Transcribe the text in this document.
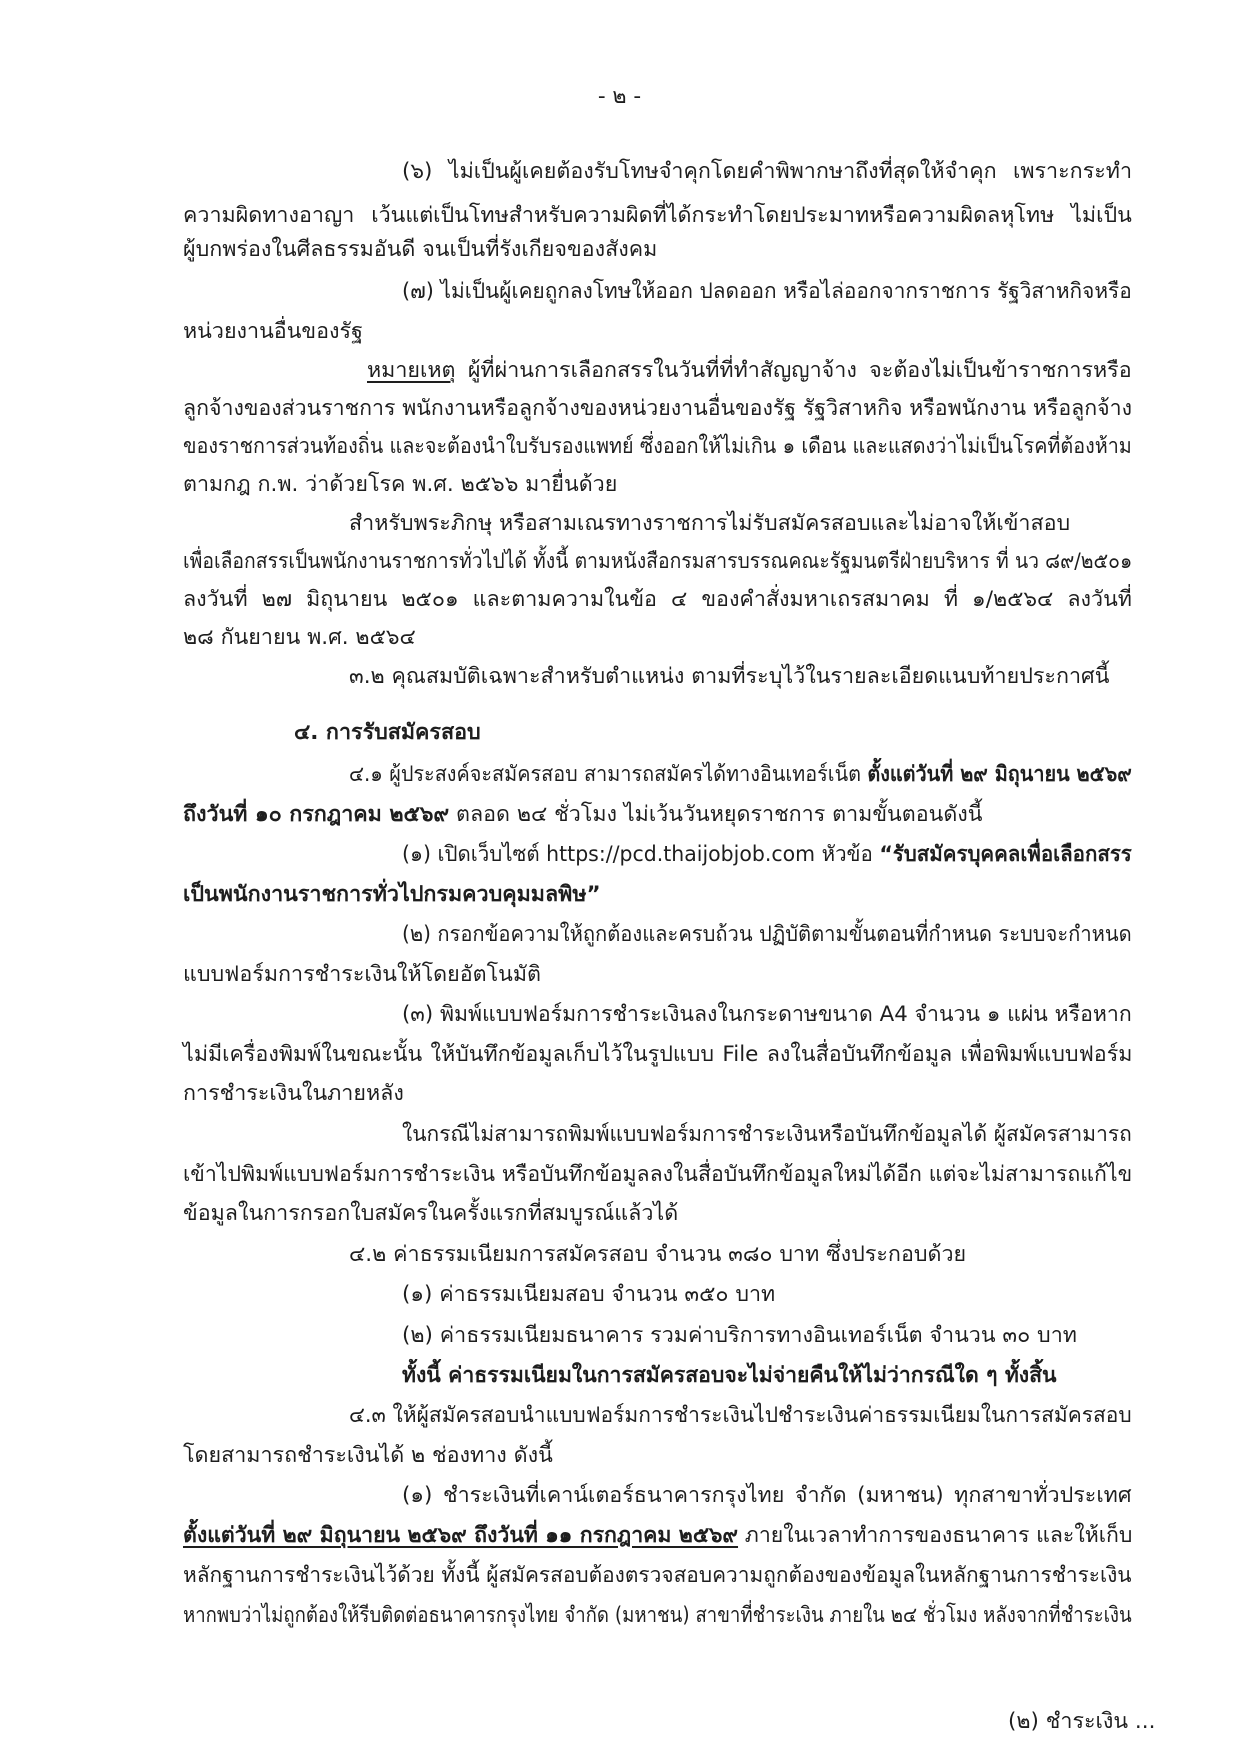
- ๒ -
(๖) ไม่เป็นผู้เคยต้องรับโทษจำคุกโดยคำพิพากษาถึงที่สุดให้จำคุก เพราะกระทำ
ความผิดทางอาญา เว้นแต่เป็นโทษสำหรับความผิดที่ได้กระทำโดยประมาทหรือความผิดลหุโทษ ไม่เป็น
ผู้บกพร่องในศีลธรรมอันดี จนเป็นที่รังเกียจของสังคม
(๗) ไม่เป็นผู้เคยถูกลงโทษให้ออก ปลดออก หรือไล่ออกจากราชการ รัฐวิสาหกิจหรือ
หน่วยงานอื่นของรัฐ
หมายเหตุ ผู้ที่ผ่านการเลือกสรรในวันที่ที่ทำสัญญาจ้าง จะต้องไม่เป็นข้าราชการหรือ
ลูกจ้างของส่วนราชการ พนักงานหรือลูกจ้างของหน่วยงานอื่นของรัฐ รัฐวิสาหกิจ หรือพนักงาน หรือลูกจ้าง
ของราชการส่วนท้องถิ่น และจะต้องนำใบรับรองแพทย์ ซึ่งออกให้ไม่เกิน ๑ เดือน และแสดงว่าไม่เป็นโรคที่ต้องห้าม
ตามกฎ ก.พ. ว่าด้วยโรค พ.ศ. ๒๕๖๖ มายื่นด้วย
สำหรับพระภิกษุ หรือสามเณรทางราชการไม่รับสมัครสอบและไม่อาจให้เข้าสอบ
เพื่อเลือกสรรเป็นพนักงานราชการทั่วไปได้ ทั้งนี้ ตามหนังสือกรมสารบรรณคณะรัฐมนตรีฝ่ายบริหาร ที่ นว ๘๙/๒๕๐๑
ลงวันที่ ๒๗ มิถุนายน ๒๕๐๑ และตามความในข้อ ๔ ของคำสั่งมหาเถรสมาคม ที่ ๑/๒๕๖๔ ลงวันที่
๒๘ กันยายน พ.ศ. ๒๕๖๔
๓.๒ คุณสมบัติเฉพาะสำหรับตำแหน่ง ตามที่ระบุไว้ในรายละเอียดแนบท้ายประกาศนี้
๔. การรับสมัครสอบ
๔.๑ ผู้ประสงค์จะสมัครสอบ สามารถสมัครได้ทางอินเทอร์เน็ต ตั้งแต่วันที่ ๒๙ มิถุนายน ๒๕๖๙
ถึงวันที่ ๑๐ กรกฎาคม ๒๕๖๙ ตลอด ๒๔ ชั่วโมง ไม่เว้นวันหยุดราชการ ตามขั้นตอนดังนี้
(๑) เปิดเว็บไซต์ https://pcd.thaijobjob.com หัวข้อ “รับสมัครบุคคลเพื่อเลือกสรร
เป็นพนักงานราชการทั่วไปกรมควบคุมมลพิษ”
(๒) กรอกข้อความให้ถูกต้องและครบถ้วน ปฏิบัติตามขั้นตอนที่กำหนด ระบบจะกำหนด
แบบฟอร์มการชำระเงินให้โดยอัตโนมัติ
(๓) พิมพ์แบบฟอร์มการชำระเงินลงในกระดาษขนาด A4 จำนวน ๑ แผ่น หรือหาก
ไม่มีเครื่องพิมพ์ในขณะนั้น ให้บันทึกข้อมูลเก็บไว้ในรูปแบบ File ลงในสื่อบันทึกข้อมูล เพื่อพิมพ์แบบฟอร์ม
การชำระเงินในภายหลัง
ในกรณีไม่สามารถพิมพ์แบบฟอร์มการชำระเงินหรือบันทึกข้อมูลได้ ผู้สมัครสามารถ
เข้าไปพิมพ์แบบฟอร์มการชำระเงิน หรือบันทึกข้อมูลลงในสื่อบันทึกข้อมูลใหม่ได้อีก แต่จะไม่สามารถแก้ไข
ข้อมูลในการกรอกใบสมัครในครั้งแรกที่สมบูรณ์แล้วได้
๔.๒ ค่าธรรมเนียมการสมัครสอบ จำนวน ๓๘๐ บาท ซึ่งประกอบด้วย
(๑) ค่าธรรมเนียมสอบ จำนวน ๓๕๐ บาท
(๒) ค่าธรรมเนียมธนาคาร รวมค่าบริการทางอินเทอร์เน็ต จำนวน ๓๐ บาท
ทั้งนี้ ค่าธรรมเนียมในการสมัครสอบจะไม่จ่ายคืนให้ไม่ว่ากรณีใด ๆ ทั้งสิ้น
๔.๓ ให้ผู้สมัครสอบนำแบบฟอร์มการชำระเงินไปชำระเงินค่าธรรมเนียมในการสมัครสอบ
โดยสามารถชำระเงินได้ ๒ ช่องทาง ดังนี้
(๑) ชำระเงินที่เคาน์เตอร์ธนาคารกรุงไทย จำกัด (มหาชน) ทุกสาขาทั่วประเทศ
ตั้งแต่วันที่ ๒๙ มิถุนายน ๒๕๖๙ ถึงวันที่ ๑๑ กรกฎาคม ๒๕๖๙ ภายในเวลาทำการของธนาคาร และให้เก็บ
หลักฐานการชำระเงินไว้ด้วย ทั้งนี้ ผู้สมัครสอบต้องตรวจสอบความถูกต้องของข้อมูลในหลักฐานการชำระเงิน
หากพบว่าไม่ถูกต้องให้รีบติดต่อธนาคารกรุงไทย จำกัด (มหาชน) สาขาที่ชำระเงิน ภายใน ๒๔ ชั่วโมง หลังจากที่ชำระเงิน
(๒) ชำระเงิน ...
